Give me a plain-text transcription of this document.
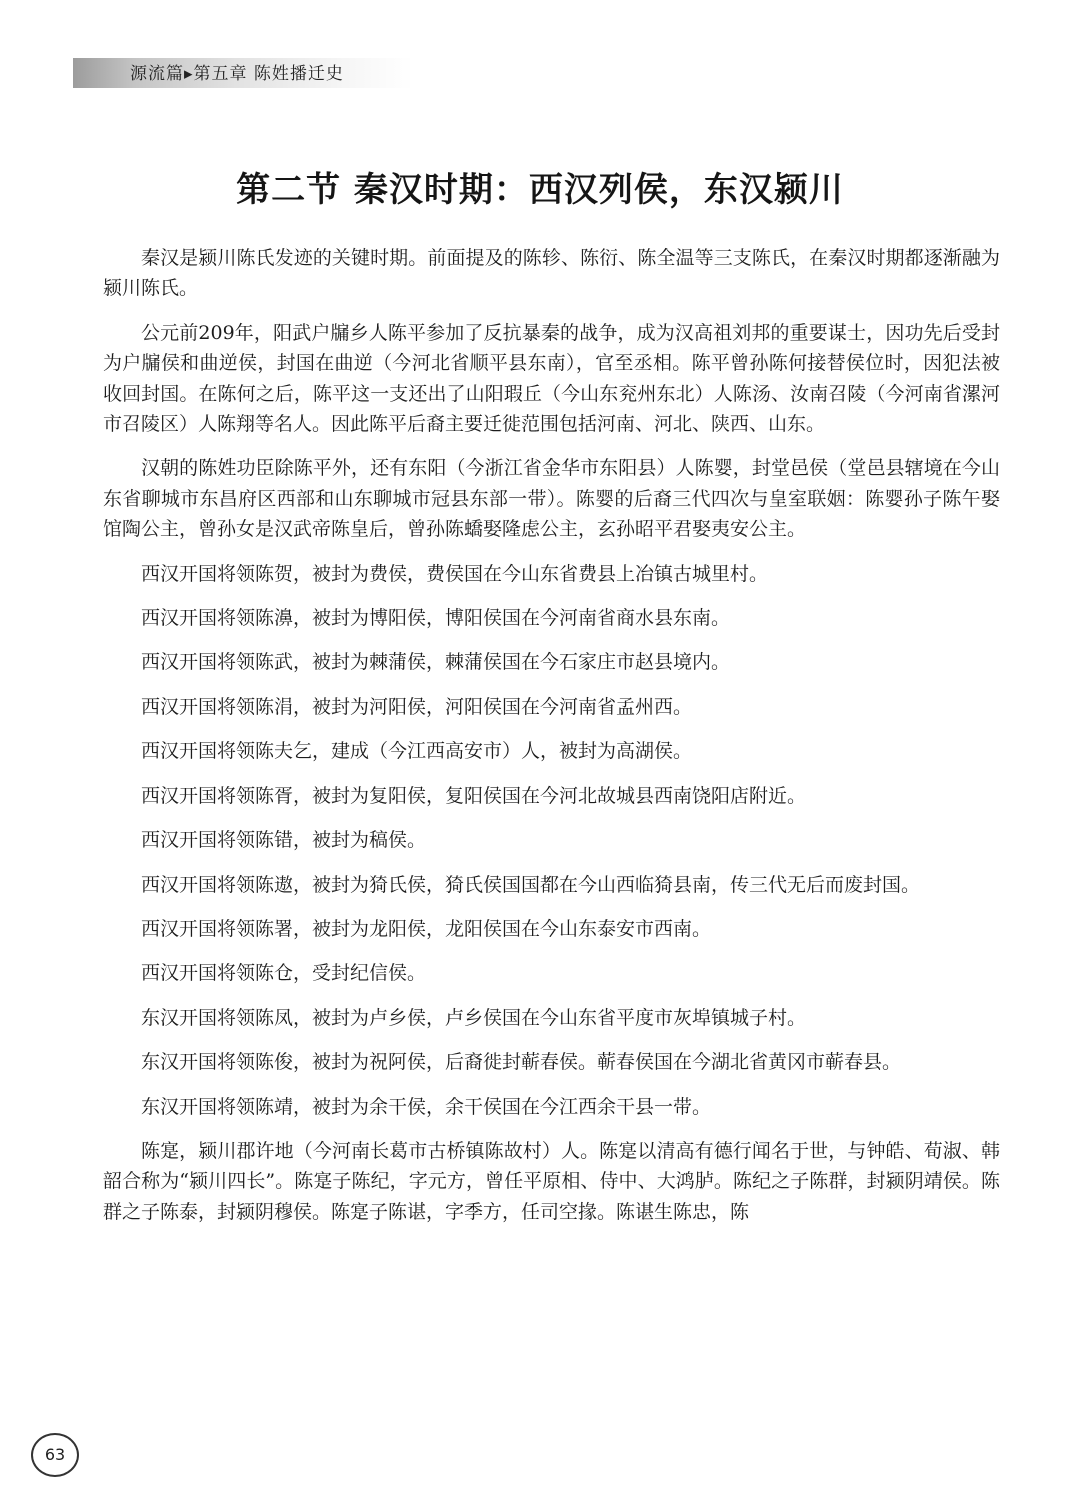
源流篇▸第五章 陈姓播迁史
第二节 秦汉时期：西汉列侯，东汉颍川

秦汉是颍川陈氏发迹的关键时期。前面提及的陈轸、陈衍、陈全温等三支陈氏，在秦汉时期都逐渐融为颍川陈氏。

公元前209年，阳武户牖乡人陈平参加了反抗暴秦的战争，成为汉高祖刘邦的重要谋士，因功先后受封为户牖侯和曲逆侯，封国在曲逆（今河北省顺平县东南），官至丞相。陈平曾孙陈何接替侯位时，因犯法被收回封国。在陈何之后，陈平这一支还出了山阳瑕丘（今山东兖州东北）人陈汤、汝南召陵（今河南省漯河市召陵区）人陈翔等名人。因此陈平后裔主要迁徙范围包括河南、河北、陕西、山东。

汉朝的陈姓功臣除陈平外，还有东阳（今浙江省金华市东阳县）人陈婴，封堂邑侯（堂邑县辖境在今山东省聊城市东昌府区西部和山东聊城市冠县东部一带）。陈婴的后裔三代四次与皇室联姻：陈婴孙子陈午娶馆陶公主，曾孙女是汉武帝陈皇后，曾孙陈蟜娶隆虑公主，玄孙昭平君娶夷安公主。

西汉开国将领陈贺，被封为费侯，费侯国在今山东省费县上冶镇古城里村。

西汉开国将领陈濞，被封为博阳侯，博阳侯国在今河南省商水县东南。

西汉开国将领陈武，被封为棘蒲侯，棘蒲侯国在今石家庄市赵县境内。

西汉开国将领陈涓，被封为河阳侯，河阳侯国在今河南省孟州西。

西汉开国将领陈夫乞，建成（今江西高安市）人，被封为高湖侯。

西汉开国将领陈胥，被封为复阳侯，复阳侯国在今河北故城县西南饶阳店附近。

西汉开国将领陈错，被封为稿侯。

西汉开国将领陈遨，被封为猗氏侯，猗氏侯国国都在今山西临猗县南，传三代无后而废封国。

西汉开国将领陈署，被封为龙阳侯，龙阳侯国在今山东泰安市西南。

西汉开国将领陈仓，受封纪信侯。

东汉开国将领陈凤，被封为卢乡侯，卢乡侯国在今山东省平度市灰埠镇城子村。

东汉开国将领陈俊，被封为祝阿侯，后裔徙封蕲春侯。蕲春侯国在今湖北省黄冈市蕲春县。

东汉开国将领陈靖，被封为余干侯，余干侯国在今江西余干县一带。

陈寔，颍川郡许地（今河南长葛市古桥镇陈故村）人。陈寔以清高有德行闻名于世，与钟皓、荀淑、韩韶合称为“颍川四长”。陈寔子陈纪，字元方，曾任平原相、侍中、大鸿胪。陈纪之子陈群，封颍阴靖侯。陈群之子陈泰，封颍阴穆侯。陈寔子陈谌，字季方，任司空掾。陈谌生陈忠，陈

63
